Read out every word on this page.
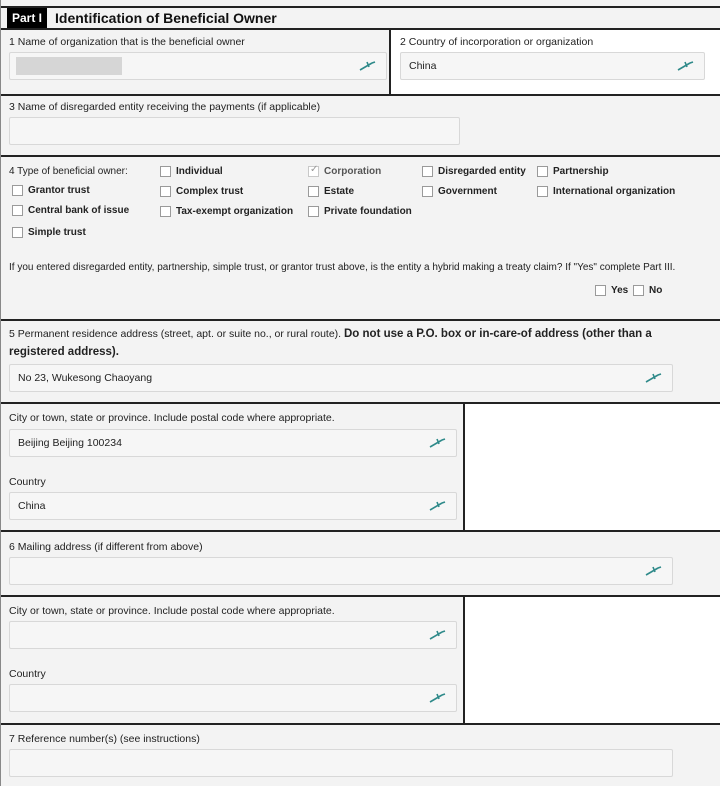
Part I Identification of Beneficial Owner
1 Name of organization that is the beneficial owner	2 Country of incorporation or organization
China
3 Name of disregarded entity receiving the payments (if applicable)
4 Type of beneficial owner:	Individual	✓ Corporation	Disregarded entity	Partnership
Grantor trust	Complex trust	Estate	Government	International organization
Central bank of issue	Tax-exempt organization	Private foundation
Simple trust
If you entered disregarded entity, partnership, simple trust, or grantor trust above, is the entity a hybrid making a treaty claim? If "Yes" complete Part III.
Yes No
5 Permanent residence address (street, apt. or suite no., or rural route). Do not use a P.O. box or in-care-of address (other than a
registered address).
No 23, Wukesong Chaoyang
City or town, state or province. Include postal code where appropriate.
Beijing Beijing 100234
Country
China
6 Mailing address (if different from above)
City or town, state or province. Include postal code where appropriate.
Country
7 Reference number(s) (see instructions)
